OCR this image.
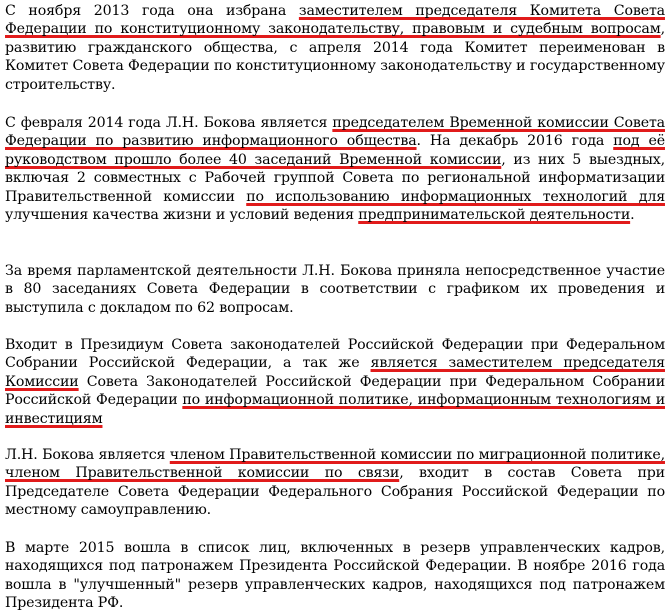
С ноября 2013 года она избрана заместителем председателя Комитета Совета Федерации по конституционному законодательству, правовым и судебным вопросам, развитию гражданского общества, с апреля 2014 года Комитет переименован в Комитет Совета Федерации по конституционному законодательству и государственному строительству.

С февраля 2014 года Л.Н. Бокова является председателем Временной комиссии Совета Федерации по развитию информационного общества. На декабрь 2016 года под её руководством прошло более 40 заседаний Временной комиссии, из них 5 выездных, включая 2 совместных с Рабочей группой Совета по региональной информатизации Правительственной комиссии по использованию информационных технологий для улучшения качества жизни и условий ведения предпринимательской деятельности.

За время парламентской деятельности Л.Н. Бокова приняла непосредственное участие в 80 заседаниях Совета Федерации в соответствии с графиком их проведения и выступила с докладом по 62 вопросам.

Входит в Президиум Совета законодателей Российской Федерации при Федеральном Собрании Российской Федерации, а так же является заместителем председателя Комиссии Совета Законодателей Российской Федерации при Федеральном Собрании Российской Федерации по информационной политике, информационным технологиям и инвестициям

Л.Н. Бокова является членом Правительственной комиссии по миграционной политике, членом Правительственной комиссии по связи, входит в состав Совета при Председателе Совета Федерации Федерального Собрания Российской Федерации по местному самоуправлению.

В марте 2015 вошла в список лиц, включенных в резерв управленческих кадров, находящихся под патронажем Президента Российской Федерации. В ноябре 2016 года вошла в "улучшенный" резерв управленческих кадров, находящихся под патронажем Президента РФ.
